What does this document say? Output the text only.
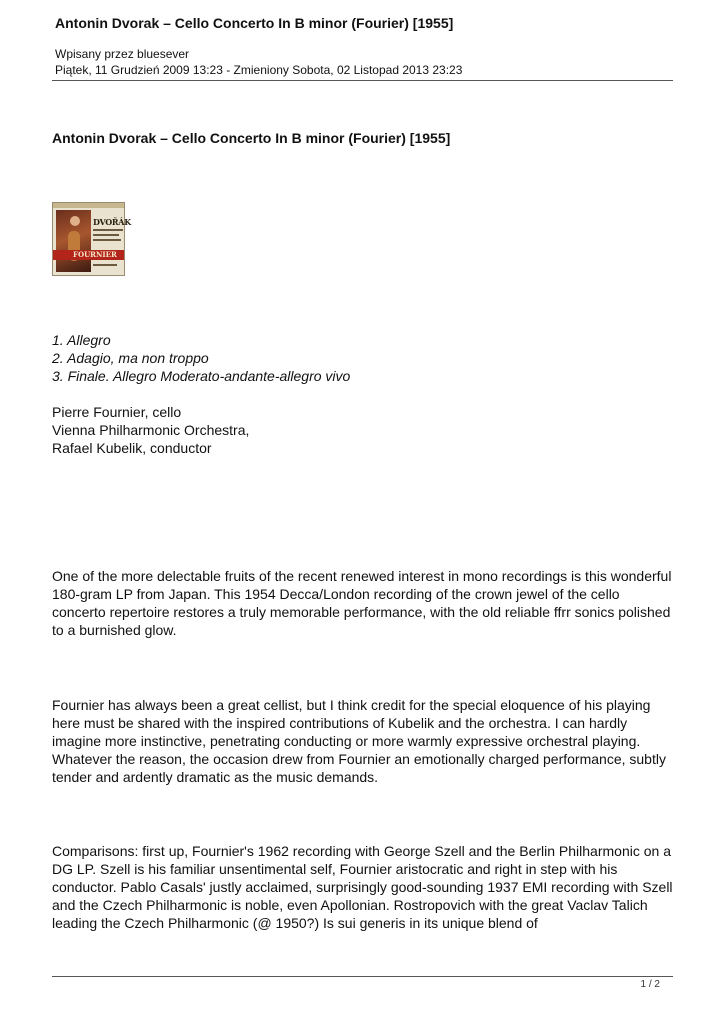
Antonin Dvorak – Cello Concerto In B minor (Fourier) [1955]
Wpisany przez bluesever
Piątek, 11 Grudzień 2009 13:23 - Zmieniony Sobota, 02 Listopad 2013 23:23
Antonin Dvorak – Cello Concerto In B minor (Fourier) [1955]
DVOŘÁK
FOURNIER
1. Allegro
2. Adagio, ma non troppo
3. Finale. Allegro Moderato-andante-allegro vivo
Pierre Fournier, cello
Vienna Philharmonic Orchestra,
Rafael Kubelik, conductor

One of the more delectable fruits of the recent renewed interest in mono recordings is this wonderful 180-gram LP from Japan. This 1954 Decca/London recording of the crown jewel of the cello concerto repertoire restores a truly memorable performance, with the old reliable ffrr sonics polished to a burnished glow.

Fournier has always been a great cellist, but I think credit for the special eloquence of his playing here must be shared with the inspired contributions of Kubelik and the orchestra. I can hardly imagine more instinctive, penetrating conducting or more warmly expressive orchestral playing. Whatever the reason, the occasion drew from Fournier an emotionally charged performance, subtly tender and ardently dramatic as the music demands.

Comparisons: first up, Fournier's 1962 recording with George Szell and the Berlin Philharmonic on a DG LP. Szell is his familiar unsentimental self, Fournier aristocratic and right in step with his conductor. Pablo Casals' justly acclaimed, surprisingly good-sounding 1937 EMI recording with Szell and the Czech Philharmonic is noble, even Apollonian. Rostropovich with the great Vaclav Talich leading the Czech Philharmonic (@ 1950?) Is sui generis in its unique blend of

1 / 2
